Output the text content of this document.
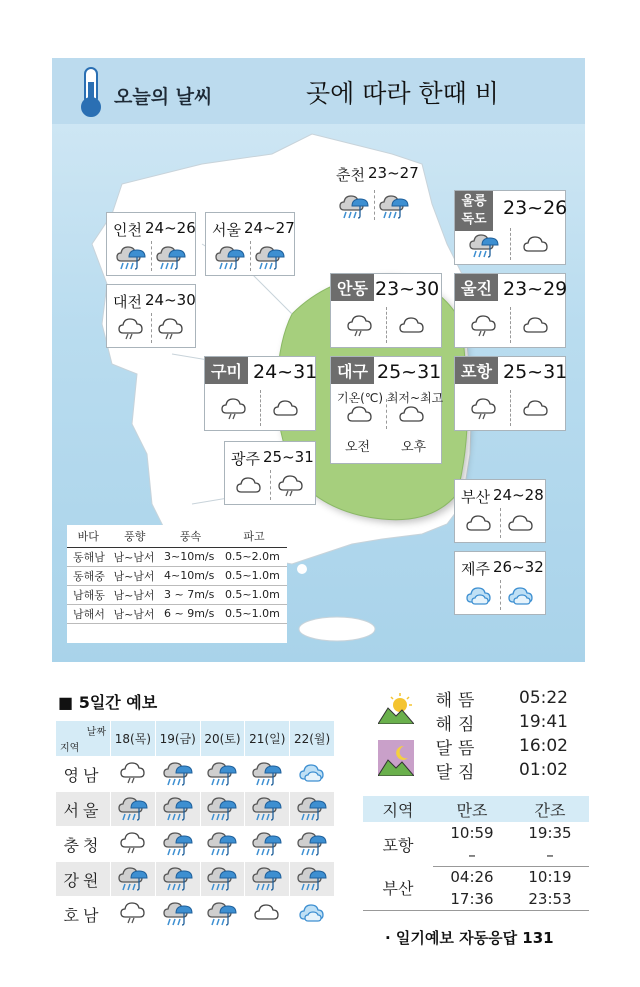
오늘의 날씨	곳에 따라 한때 비
바다	풍향	풍속	파고
동해남	남~남서	3~10m/s	0.5~2.0m
동해중	남~남서	4~10m/s	0.5~1.0m
남해동	남~남서	3 ~ 7m/s	0.5~1.0m
남해서	남~남서	6 ~ 9m/s	0.5~1.0m
춘천 23~27
인천 24~26 서울 24~27
울릉
독도
23~26
대전 24~30
안동 23~30	울진 23~29
구미 24~31	대구 25~31
기온(℃) 최저~최고
오전 오후
포항 25~31
광주 25~31
부산 24~28
제주 26~32
■ 5일간 예보
날짜
지역	18(목)	19(금)	20(토)	21(일)	22(월)
영남					
서울					
충청					
강원					
호남					
해뜸	05:22
해짐	19:41
달뜸	16:02
달짐	01:02
지역	만조	간조
포항	10:59	19:35
	–	–
부산	04:26	10:19
	17:36	23:53
· 일기예보 자동응답 131
